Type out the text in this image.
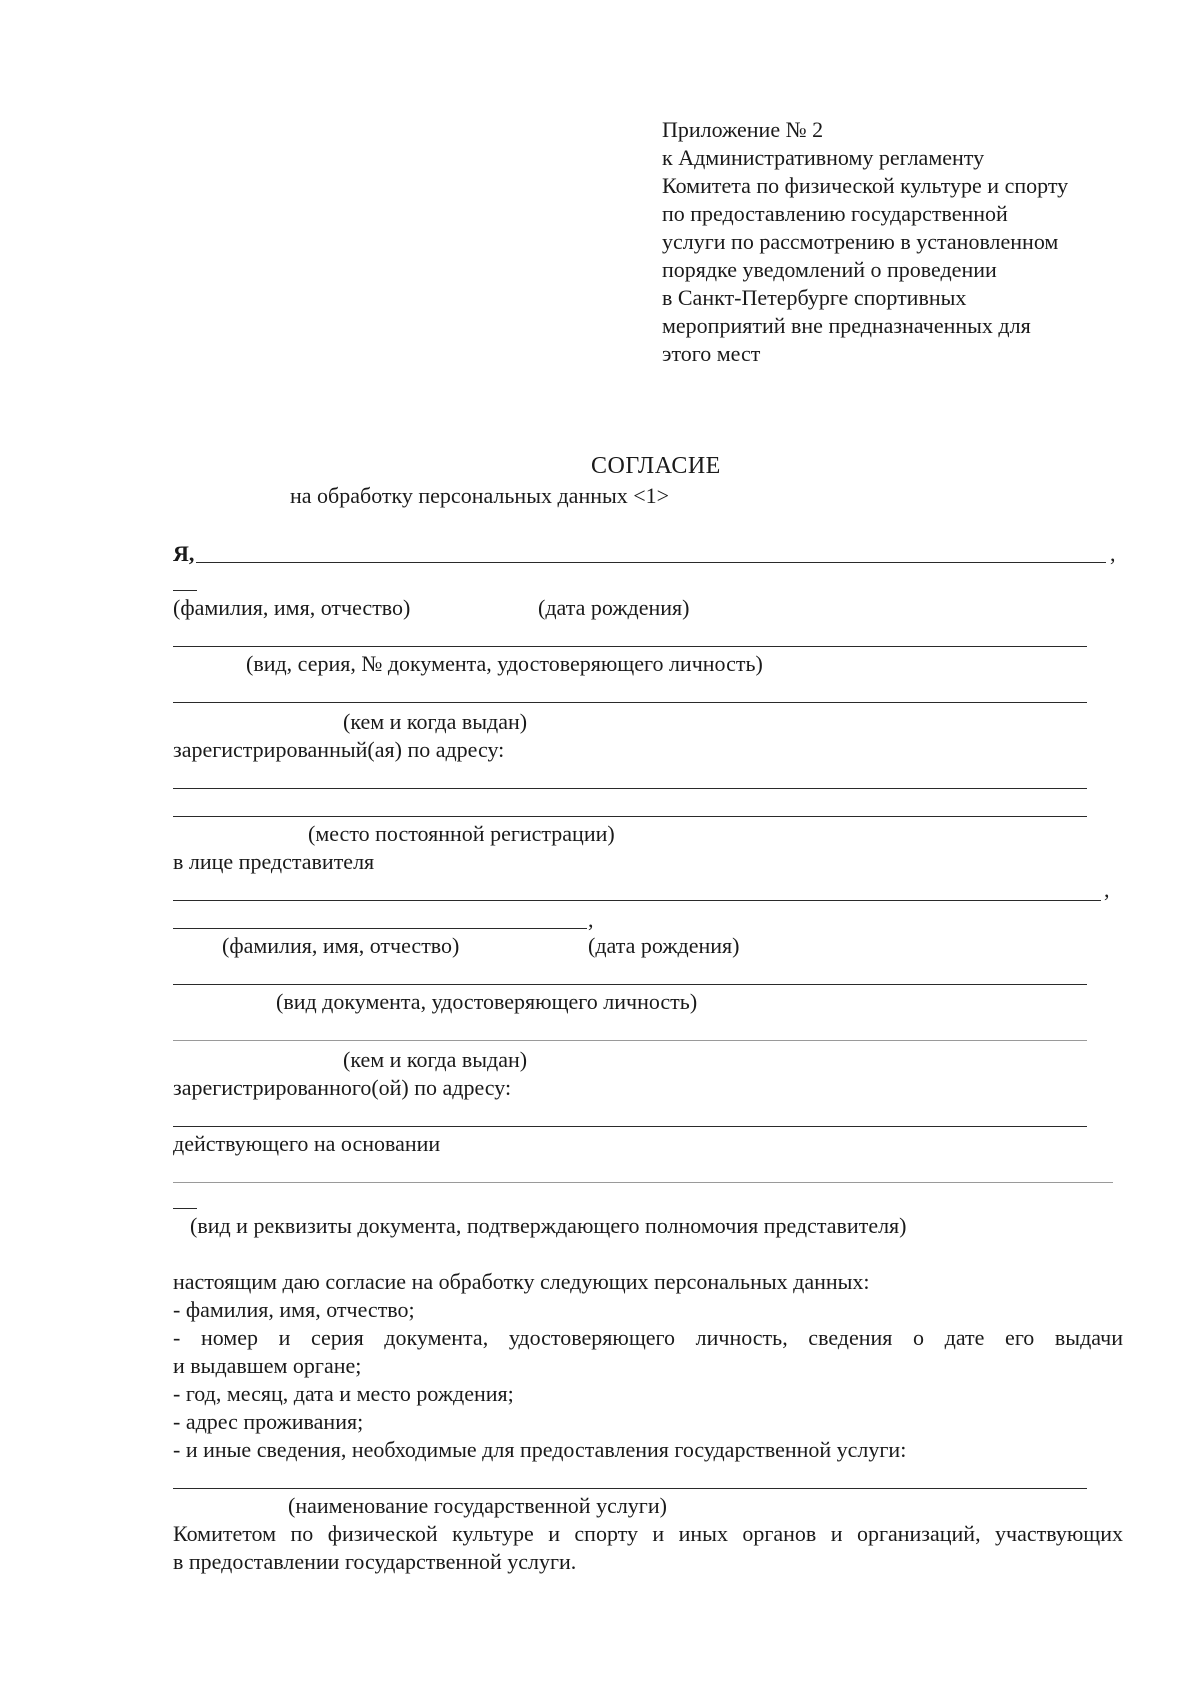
Приложение № 2
к Административному регламенту
Комитета по физической культуре и спорту
по предоставлению государственной
услуги по рассмотрению в установленном
порядке уведомлений о проведении
в Санкт-Петербурге спортивных
мероприятий вне предназначенных для
этого мест
СОГЛАСИЕ
на обработку персональных данных <1>
Я,	,
(фамилия, имя, отчество)	(дата рождения)
(вид, серия, № документа, удостоверяющего личность)
(кем и когда выдан)
зарегистрированный(ая) по адресу:
(место постоянной регистрации)
в лице представителя
,
,
(фамилия, имя, отчество)	(дата рождения)
(вид документа, удостоверяющего личность)
(кем и когда выдан)
зарегистрированного(ой) по адресу:
действующего на основании
(вид и реквизиты документа, подтверждающего полномочия представителя)
настоящим даю согласие на обработку следующих персональных данных:
- фамилия, имя, отчество;
- номер и серия документа, удостоверяющего личность, сведения о дате его выдачи
и выдавшем органе;
- год, месяц, дата и место рождения;
- адрес проживания;
- и иные сведения, необходимые для предоставления государственной услуги:
(наименование государственной услуги)
Комитетом по физической культуре и спорту и иных органов и организаций, участвующих
в предоставлении государственной услуги.
